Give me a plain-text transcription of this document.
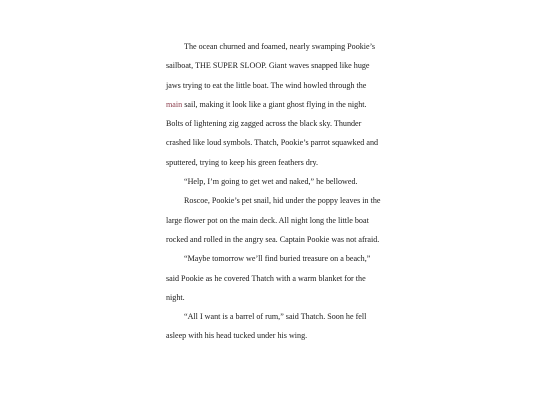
The ocean churned and foamed, nearly swamping Pookie’s
sailboat, THE SUPER SLOOP. Giant waves snapped like huge
jaws trying to eat the little boat. The wind howled through the
main sail, making it look like a giant ghost flying in the night.
Bolts of lightening zig zagged across the black sky. Thunder
crashed like loud symbols. Thatch, Pookie’s parrot squawked and
sputtered, trying to keep his green feathers dry.
“Help, I’m going to get wet and naked,” he bellowed.
Roscoe, Pookie’s pet snail, hid under the poppy leaves in the
large flower pot on the main deck. All night long the little boat
rocked and rolled in the angry sea. Captain Pookie was not afraid.
“Maybe tomorrow we’ll find buried treasure on a beach,”
said Pookie as he covered Thatch with a warm blanket for the
night.
“All I want is a barrel of rum,” said Thatch. Soon he fell
asleep with his head tucked under his wing.
